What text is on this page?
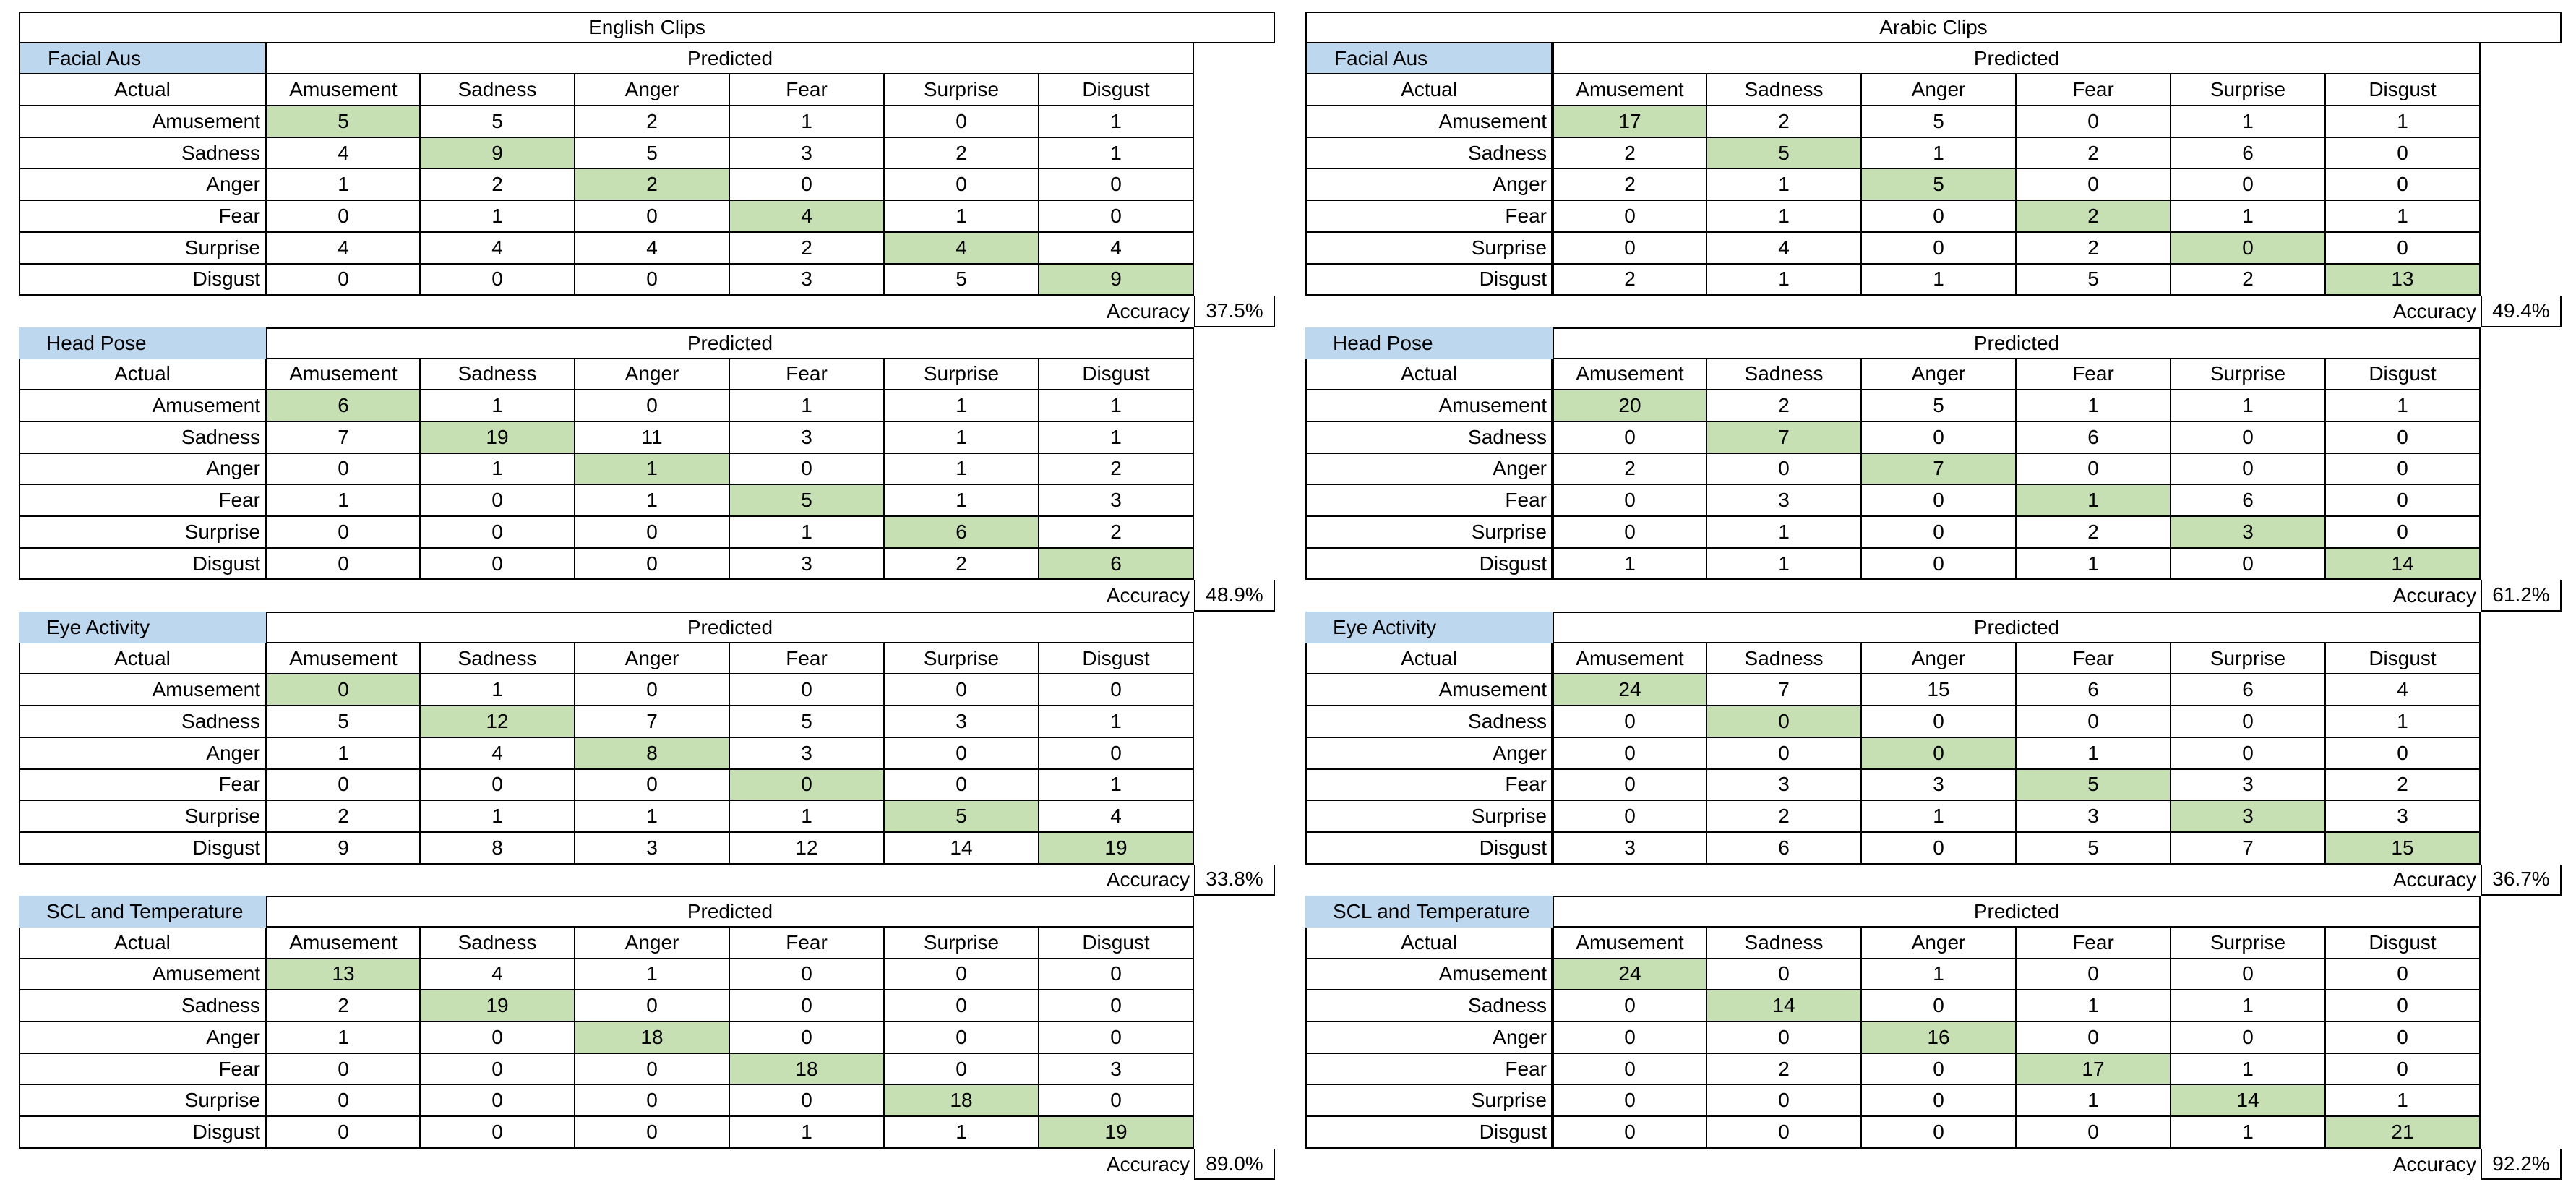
English Clips
Facial Aus	Predicted
Actual	Amusement	Sadness	Anger	Fear	Surprise	Disgust
Amusement	5	5	2	1	0	1
Sadness	4	9	5	3	2	1
Anger	1	2	2	0	0	0
Fear	0	1	0	4	1	0
Surprise	4	4	4	2	4	4
Disgust	0	0	0	3	5	9
Accuracy 37.5%
Head Pose	Predicted
Actual	Amusement	Sadness	Anger	Fear	Surprise	Disgust
Amusement	6	1	0	1	1	1
Sadness	7	19	11	3	1	1
Anger	0	1	1	0	1	2
Fear	1	0	1	5	1	3
Surprise	0	0	0	1	6	2
Disgust	0	0	0	3	2	6
Accuracy 48.9%
Eye Activity	Predicted
Actual	Amusement	Sadness	Anger	Fear	Surprise	Disgust
Amusement	0	1	0	0	0	0
Sadness	5	12	7	5	3	1
Anger	1	4	8	3	0	0
Fear	0	0	0	0	0	1
Surprise	2	1	1	1	5	4
Disgust	9	8	3	12	14	19
Accuracy 33.8%
SCL and Temperature	Predicted
Actual	Amusement	Sadness	Anger	Fear	Surprise	Disgust
Amusement	13	4	1	0	0	0
Sadness	2	19	0	0	0	0
Anger	1	0	18	0	0	0
Fear	0	0	0	18	0	3
Surprise	0	0	0	0	18	0
Disgust	0	0	0	1	1	19
Accuracy 89.0%
Arabic Clips
Facial Aus	Predicted
Actual	Amusement	Sadness	Anger	Fear	Surprise	Disgust
Amusement	17	2	5	0	1	1
Sadness	2	5	1	2	6	0
Anger	2	1	5	0	0	0
Fear	0	1	0	2	1	1
Surprise	0	4	0	2	0	0
Disgust	2	1	1	5	2	13
Accuracy 49.4%
Head Pose	Predicted
Actual	Amusement	Sadness	Anger	Fear	Surprise	Disgust
Amusement	20	2	5	1	1	1
Sadness	0	7	0	6	0	0
Anger	2	0	7	0	0	0
Fear	0	3	0	1	6	0
Surprise	0	1	0	2	3	0
Disgust	1	1	0	1	0	14
Accuracy 61.2%
Eye Activity	Predicted
Actual	Amusement	Sadness	Anger	Fear	Surprise	Disgust
Amusement	24	7	15	6	6	4
Sadness	0	0	0	0	0	1
Anger	0	0	0	1	0	0
Fear	0	3	3	5	3	2
Surprise	0	2	1	3	3	3
Disgust	3	6	0	5	7	15
Accuracy 36.7%
SCL and Temperature	Predicted
Actual	Amusement	Sadness	Anger	Fear	Surprise	Disgust
Amusement	24	0	1	0	0	0
Sadness	0	14	0	1	1	0
Anger	0	0	16	0	0	0
Fear	0	2	0	17	1	0
Surprise	0	0	0	1	14	1
Disgust	0	0	0	0	1	21
Accuracy 92.2%
